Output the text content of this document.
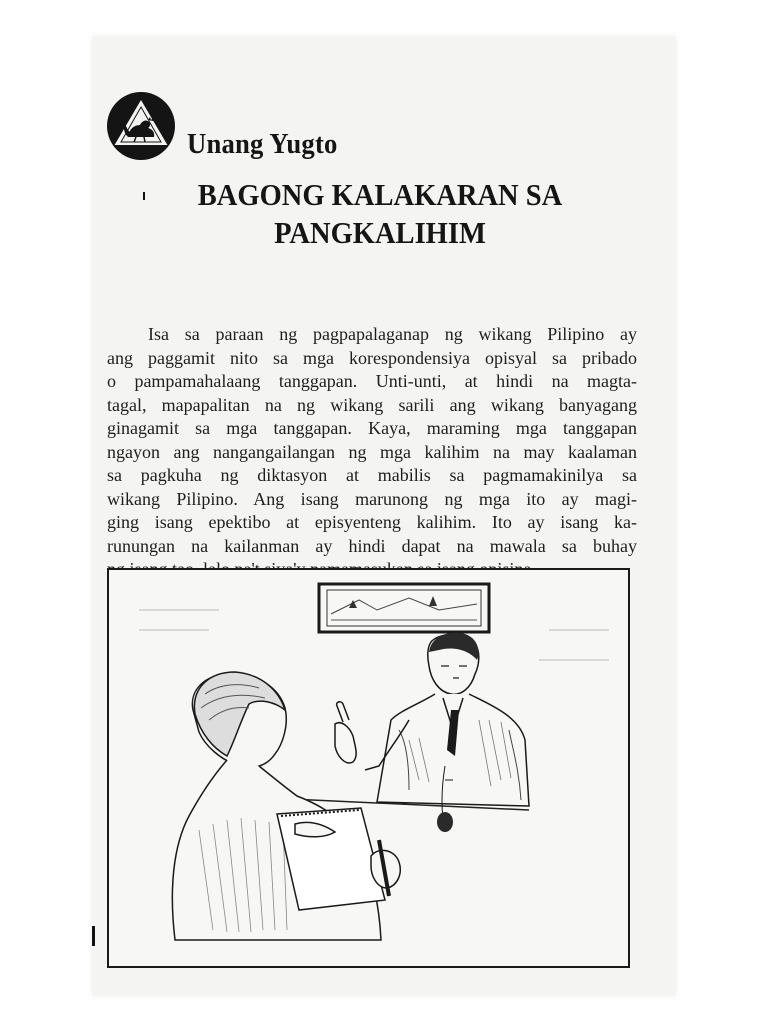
Unang Yugto
BAGONG KALAKARAN SA
PANGKALIHIM
Isa sa paraan ng pagpapalaganap ng wikang Pilipino ay
ang paggamit nito sa mga korespondensiya opisyal sa pribado
o pampamahalaang tanggapan. Unti-unti, at hindi na magta-
tagal, mapapalitan na ng wikang sarili ang wikang banyagang
ginagamit sa mga tanggapan. Kaya, maraming mga tanggapan
ngayon ang nangangailangan ng mga kalihim na may kaalaman
sa pagkuha ng diktasyon at mabilis sa pagmamakinilya sa
wikang Pilipino. Ang isang marunong ng mga ito ay magi-
ging isang epektibo at episyenteng kalihim. Ito ay isang ka-
runungan na kailanman ay hindi dapat na mawala sa buhay
